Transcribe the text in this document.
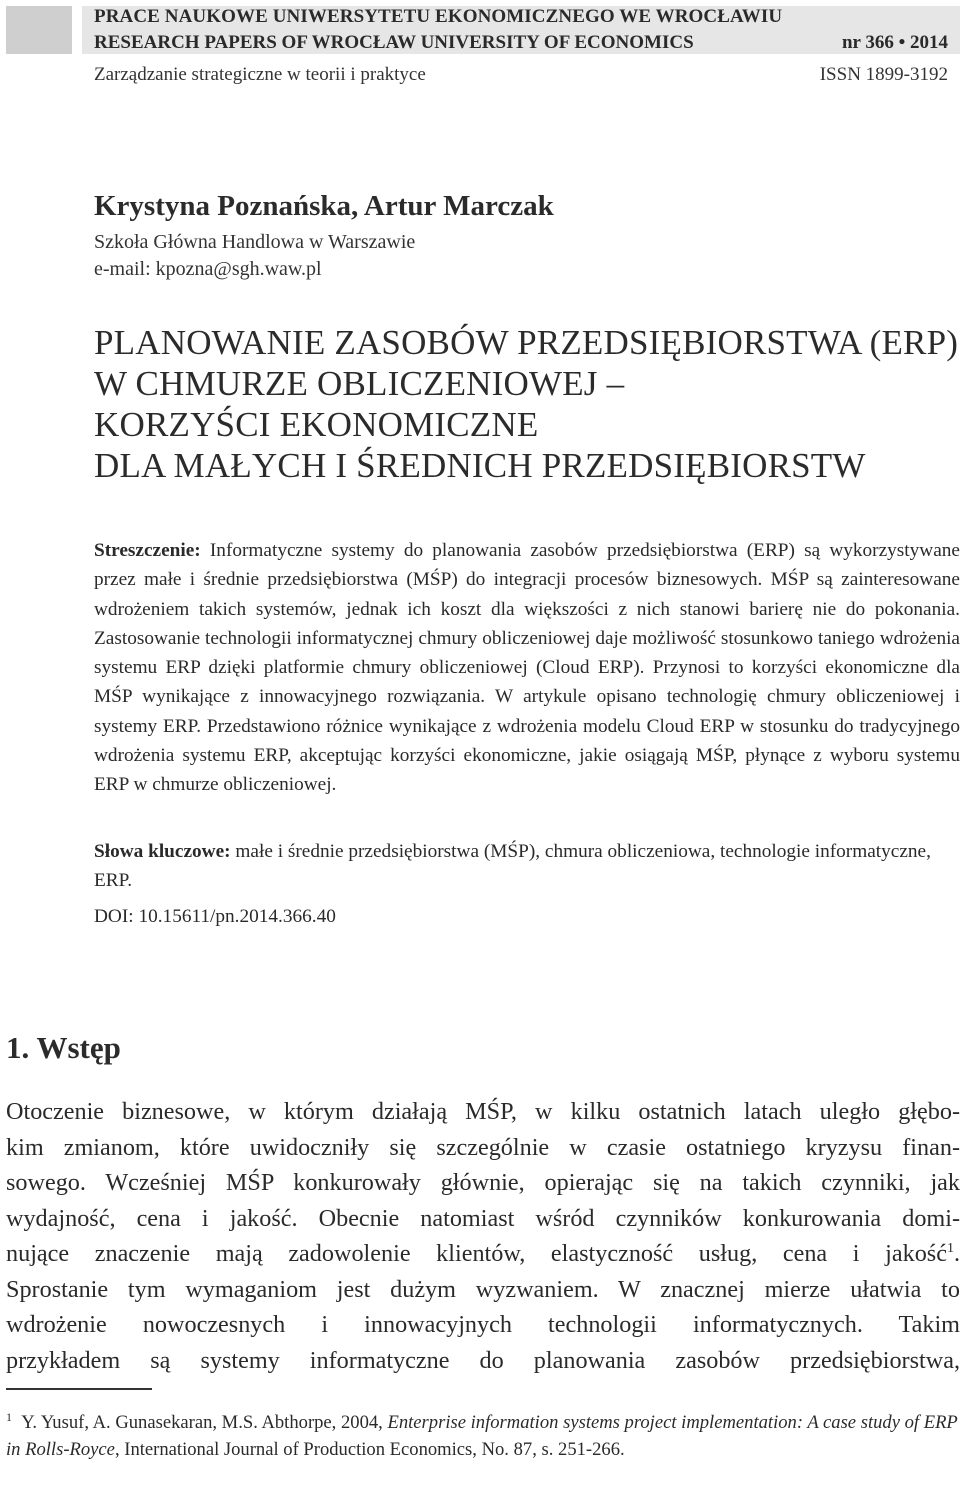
PRACE NAUKOWE UNIWERSYTETU EKONOMICZNEGO WE WROCŁAWIU
RESEARCH PAPERS OF WROCŁAW UNIVERSITY OF ECONOMICS	nr 366 • 2014
Zarządzanie strategiczne w teorii i praktyce	ISSN 1899-3192
Krystyna Poznańska, Artur Marczak
Szkoła Główna Handlowa w Warszawie
e-mail: kpozna@sgh.waw.pl
PLANOWANIE ZASOBÓW PRZEDSIĘBIORSTWA (ERP)
W CHMURZE OBLICZENIOWEJ –
KORZYŚCI EKONOMICZNE
DLA MAŁYCH I ŚREDNICH PRZEDSIĘBIORSTW
Streszczenie: Informatyczne systemy do planowania zasobów przedsiębiorstwa (ERP) są wykorzystywane przez małe i średnie przedsiębiorstwa (MŚP) do integracji procesów biznesowych. MŚP są zainteresowane wdrożeniem takich systemów, jednak ich koszt dla większości z nich stanowi barierę nie do pokonania. Zastosowanie technologii informatycznej chmury obliczeniowej daje możliwość stosunkowo taniego wdrożenia systemu ERP dzięki platformie chmury obliczeniowej (Cloud ERP). Przynosi to korzyści ekonomiczne dla MŚP wynikające z innowacyjnego rozwiązania. W artykule opisano technologię chmury obliczeniowej i systemy ERP. Przedstawiono różnice wynikające z wdrożenia modelu Cloud ERP w stosunku do tradycyjnego wdrożenia systemu ERP, akceptując korzyści ekonomiczne, jakie osiągają MŚP, płynące z wyboru systemu ERP w chmurze obliczeniowej.
Słowa kluczowe: małe i średnie przedsiębiorstwa (MŚP), chmura obliczeniowa, technologie informatyczne, ERP.
DOI: 10.15611/pn.2014.366.40
1. Wstęp
Otoczenie biznesowe, w którym działają MŚP, w kilku ostatnich latach uległo głębo-
kim zmianom, które uwidoczniły się szczególnie w czasie ostatniego kryzysu finan-
sowego. Wcześniej MŚP konkurowały głównie, opierając się na takich czynniki, jak
wydajność, cena i jakość. Obecnie natomiast wśród czynników konkurowania domi-
nujące znaczenie mają zadowolenie klientów, elastyczność usług, cena i jakość$^1$.
Sprostanie tym wymaganiom jest dużym wyzwaniem. W znacznej mierze ułatwia to
wdrożenie nowoczesnych i innowacyjnych technologii informatycznych. Takim
przykładem są systemy informatyczne do planowania zasobów przedsiębiorstwa,
$^1$ Y. Yusuf, A. Gunasekaran, M.S. Abthorpe, 2004, Enterprise information systems project implementation: A case study of ERP in Rolls-Royce, International Journal of Production Economics, No. 87, s. 251-266.
